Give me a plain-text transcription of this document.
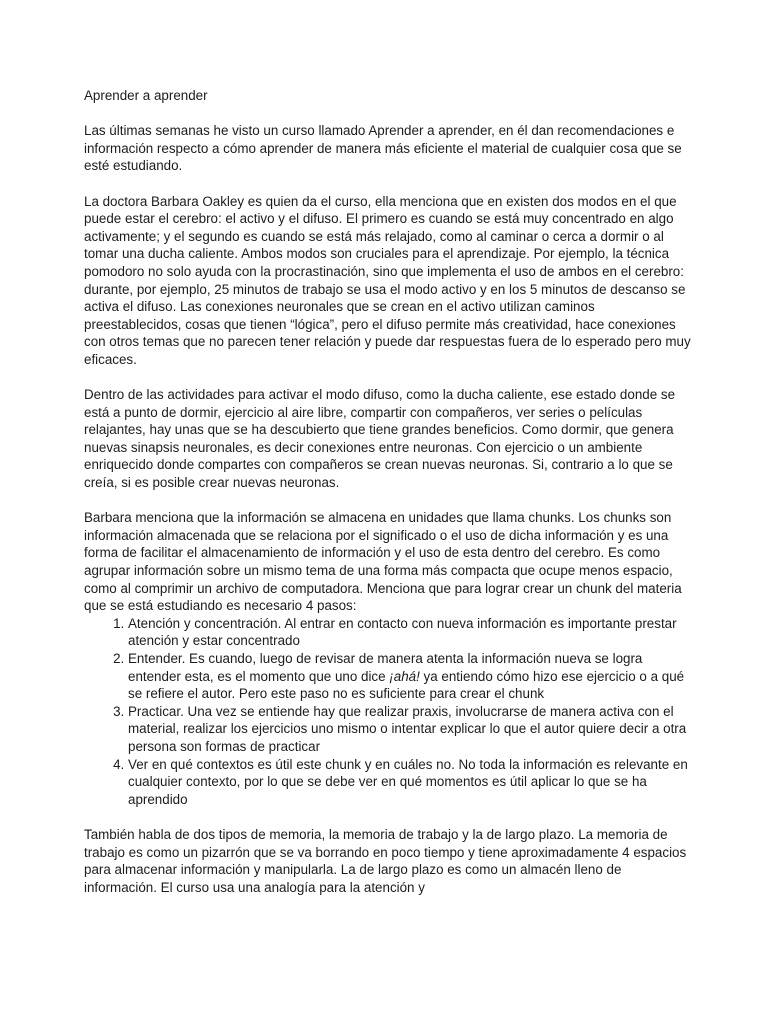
Aprender a aprender

Las últimas semanas he visto un curso llamado Aprender a aprender, en él dan recomendaciones e información respecto a cómo aprender de manera más eficiente el material de cualquier cosa que se esté estudiando.

La doctora Barbara Oakley es quien da el curso, ella menciona que en existen dos modos en el que puede estar el cerebro: el activo y el difuso. El primero es cuando se está muy concentrado en algo activamente; y el segundo es cuando se está más relajado, como al caminar o cerca a dormir o al tomar una ducha caliente. Ambos modos son cruciales para el aprendizaje. Por ejemplo, la técnica pomodoro no solo ayuda con la procrastinación, sino que implementa el uso de ambos en el cerebro: durante, por ejemplo, 25 minutos de trabajo se usa el modo activo y en los 5 minutos de descanso se activa el difuso. Las conexiones neuronales que se crean en el activo utilizan caminos preestablecidos, cosas que tienen “lógica”, pero el difuso permite más creatividad, hace conexiones con otros temas que no parecen tener relación y puede dar respuestas fuera de lo esperado pero muy eficaces.

Dentro de las actividades para activar el modo difuso, como la ducha caliente, ese estado donde se está a punto de dormir, ejercicio al aire libre, compartir con compañeros, ver series o películas relajantes, hay unas que se ha descubierto que tiene grandes beneficios. Como dormir, que genera nuevas sinapsis neuronales, es decir conexiones entre neuronas. Con ejercicio o un ambiente enriquecido donde compartes con compañeros se crean nuevas neuronas. Si, contrario a lo que se creía, si es posible crear nuevas neuronas.

Barbara menciona que la información se almacena en unidades que llama chunks. Los chunks son información almacenada que se relaciona por el significado o el uso de dicha información y es una forma de facilitar el almacenamiento de información y el uso de esta dentro del cerebro. Es como agrupar información sobre un mismo tema de una forma más compacta que ocupe menos espacio, como al comprimir un archivo de computadora. Menciona que para lograr crear un chunk del materia que se está estudiando es necesario 4 pasos:

1. Atención y concentración. Al entrar en contacto con nueva información es importante prestar atención y estar concentrado
2. Entender. Es cuando, luego de revisar de manera atenta la información nueva se logra entender esta, es el momento que uno dice ¡ahá! ya entiendo cómo hizo ese ejercicio o a qué se refiere el autor. Pero este paso no es suficiente para crear el chunk
3. Practicar. Una vez se entiende hay que realizar praxis, involucrarse de manera activa con el material, realizar los ejercicios uno mismo o intentar explicar lo que el autor quiere decir a otra persona son formas de practicar
4. Ver en qué contextos es útil este chunk y en cuáles no. No toda la información es relevante en cualquier contexto, por lo que se debe ver en qué momentos es útil aplicar lo que se ha aprendido

También habla de dos tipos de memoria, la memoria de trabajo y la de largo plazo. La memoria de trabajo es como un pizarrón que se va borrando en poco tiempo y tiene aproximadamente 4 espacios para almacenar información y manipularla. La de largo plazo es como un almacén lleno de información. El curso usa una analogía para la atención y
